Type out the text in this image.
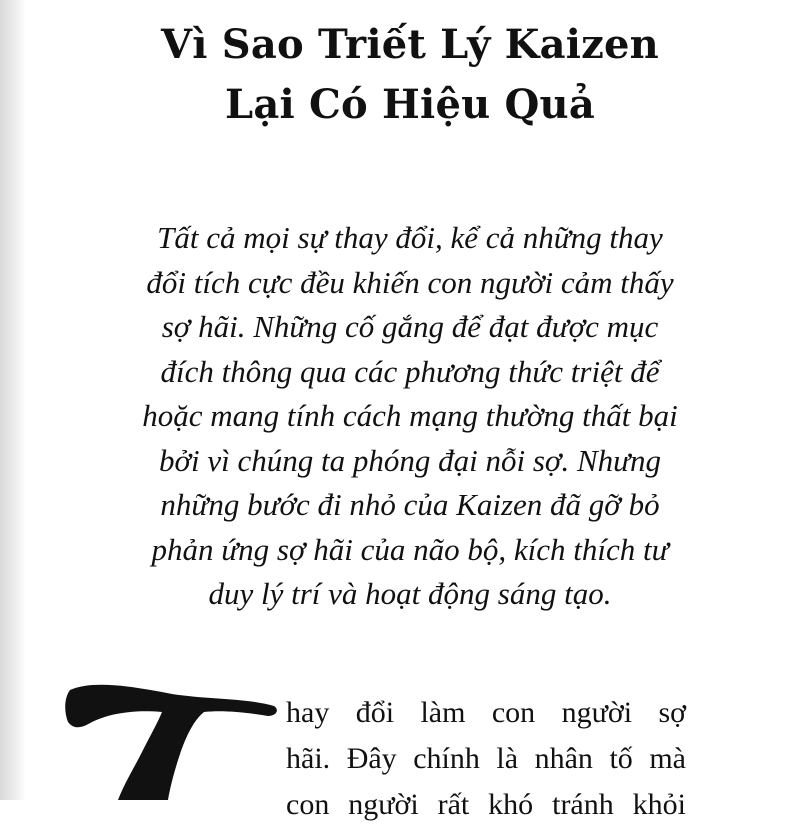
Vì Sao Triết Lý Kaizen
Lại Có Hiệu Quả
Tất cả mọi sự thay đổi, kể cả những thay
đổi tích cực đều khiến con người cảm thấy
sợ hãi. Những cố gắng để đạt được mục
đích thông qua các phương thức triệt để
hoặc mang tính cách mạng thường thất bại
bởi vì chúng ta phóng đại nỗi sợ. Nhưng
những bước đi nhỏ của Kaizen đã gỡ bỏ
phản ứng sợ hãi của não bộ, kích thích tư
duy lý trí và hoạt động sáng tạo.
hay đổi làm con người sợ
hãi. Đây chính là nhân tố mà
con người rất khó tránh khỏi
